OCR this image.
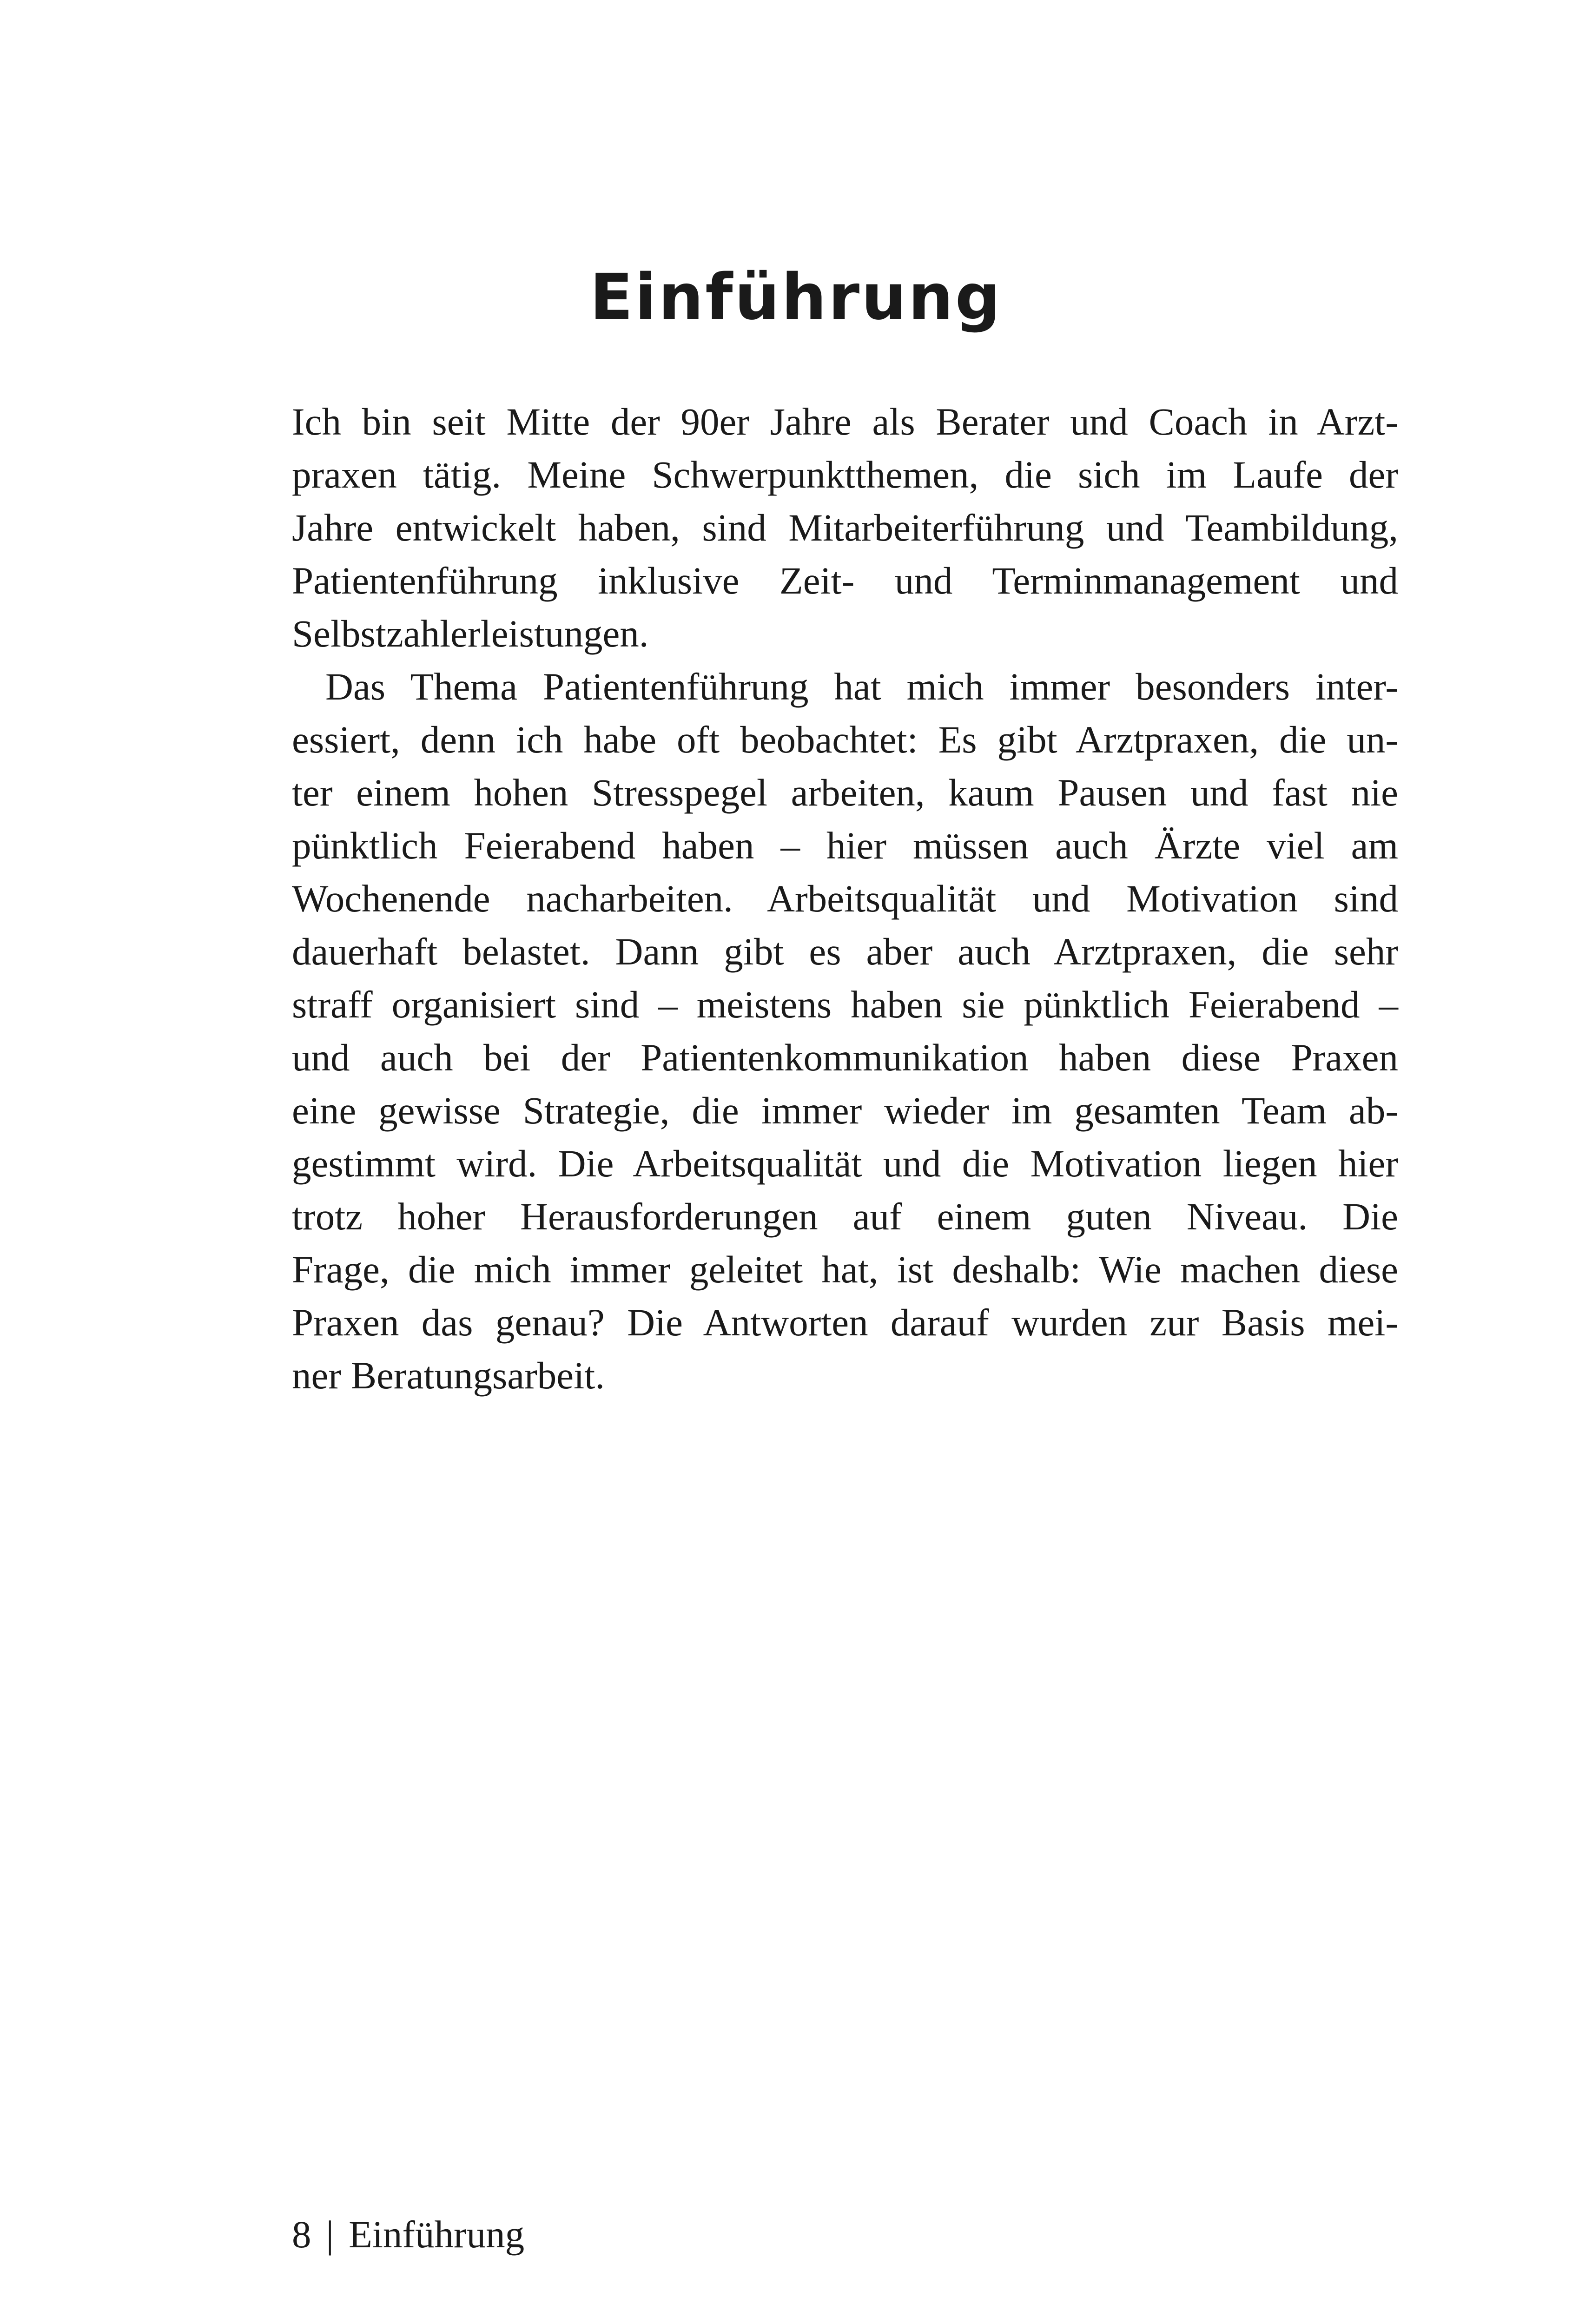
Einführung
Ich bin seit Mitte der 90er Jahre als Berater und Coach in Arzt-
praxen tätig. Meine Schwerpunktthemen, die sich im Laufe der
Jahre entwickelt haben, sind Mitarbeiterführung und Teambildung,
Patientenführung inklusive Zeit- und Terminmanagement und
Selbstzahlerleistungen.
Das Thema Patientenführung hat mich immer besonders inter-
essiert, denn ich habe oft beobachtet: Es gibt Arztpraxen, die un-
ter einem hohen Stresspegel arbeiten, kaum Pausen und fast nie
pünktlich Feierabend haben – hier müssen auch Ärzte viel am
Wochenende nacharbeiten. Arbeitsqualität und Motivation sind
dauerhaft belastet. Dann gibt es aber auch Arztpraxen, die sehr
straff organisiert sind – meistens haben sie pünktlich Feierabend –
und auch bei der Patientenkommunikation haben diese Praxen
eine gewisse Strategie, die immer wieder im gesamten Team ab-
gestimmt wird. Die Arbeitsqualität und die Motivation liegen hier
trotz hoher Herausforderungen auf einem guten Niveau. Die
Frage, die mich immer geleitet hat, ist deshalb: Wie machen diese
Praxen das genau? Die Antworten darauf wurden zur Basis mei-
ner Beratungsarbeit.
8 | Einführung
